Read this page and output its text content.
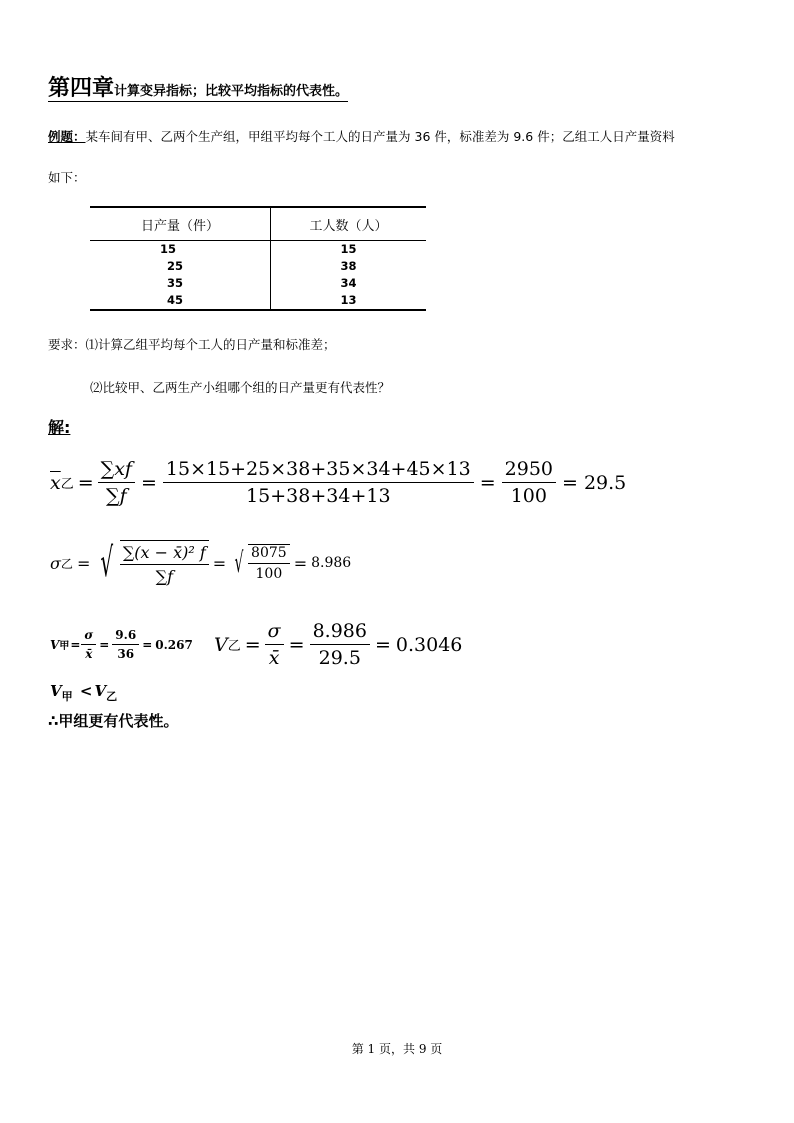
第四章计算变异指标；比较平均指标的代表性。
例题：某车间有甲、乙两个生产组，甲组平均每个工人的日产量为 36 件，标准差为 9.6 件；乙组工人日产量资料
如下：
日产量（件）	工人数（人）
15	15
25	38
35	34
45	13
要求：⑴计算乙组平均每个工人的日产量和标准差；
⑵比较甲、乙两生产小组哪个组的日产量更有代表性？
解:
$\overline{x}$ 乙 = $\frac{\sum xf}{\sum f} = \frac{15\times 15+25\times 38+35\times 34+45\times 13}{15+38+34+13} = \frac{2950}{100} = 29.5$
σ 乙 = √ $\frac{\text{∑(x − x̄)² f}}{\sum f}$ = √ $\frac{8075}{100} = 8.986$
V 甲 = $\frac{\sigma}{x̄} = \frac{9.6}{36} = 0.267$ V 乙 = $\frac{\sigma}{x̄} = \frac{8.986}{29.5} = 0.3046$
$V_甲 < V_乙$
∴甲组更有代表性。
第 1 页，共 9 页
